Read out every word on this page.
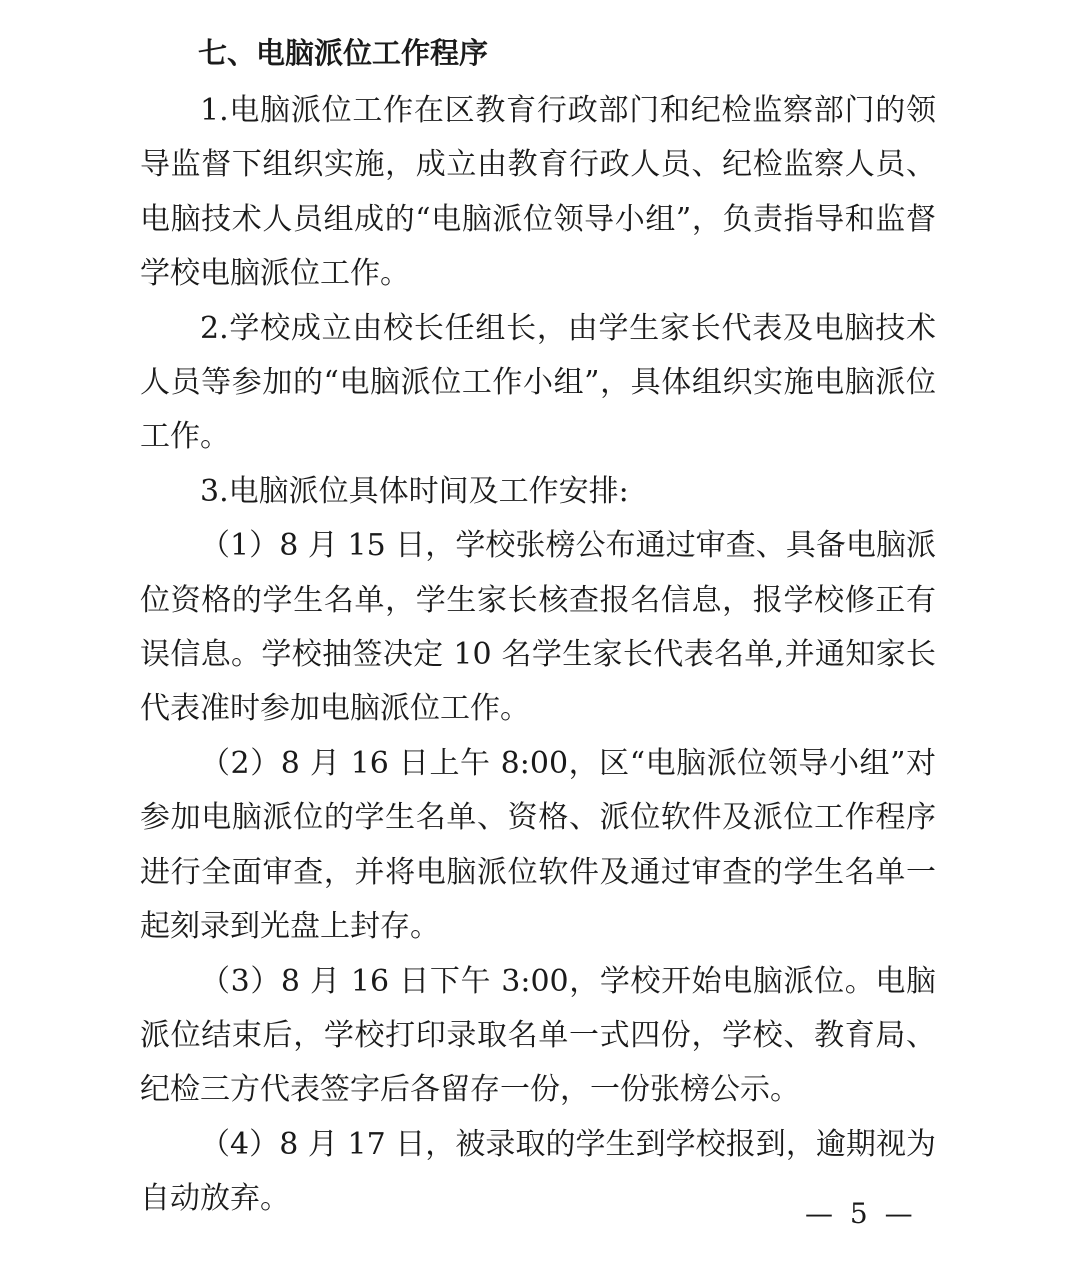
七、电脑派位工作程序

1.电脑派位工作在区教育行政部门和纪检监察部门的领导监督下组织实施，成立由教育行政人员、纪检监察人员、电脑技术人员组成的“电脑派位领导小组”，负责指导和监督学校电脑派位工作。

2.学校成立由校长任组长，由学生家长代表及电脑技术人员等参加的“电脑派位工作小组”，具体组织实施电脑派位工作。

3.电脑派位具体时间及工作安排:

（1）8 月 15 日，学校张榜公布通过审查、具备电脑派位资格的学生名单，学生家长核查报名信息，报学校修正有误信息。学校抽签决定 10 名学生家长代表名单,并通知家长代表准时参加电脑派位工作。

（2）8 月 16 日上午 8:00，区“电脑派位领导小组”对参加电脑派位的学生名单、资格、派位软件及派位工作程序进行全面审查，并将电脑派位软件及通过审查的学生名单一起刻录到光盘上封存。

（3）8 月 16 日下午 3:00，学校开始电脑派位。电脑派位结束后，学校打印录取名单一式四份，学校、教育局、纪检三方代表签字后各留存一份，一份张榜公示。

（4）8 月 17 日，被录取的学生到学校报到，逾期视为自动放弃。	— 5 —
